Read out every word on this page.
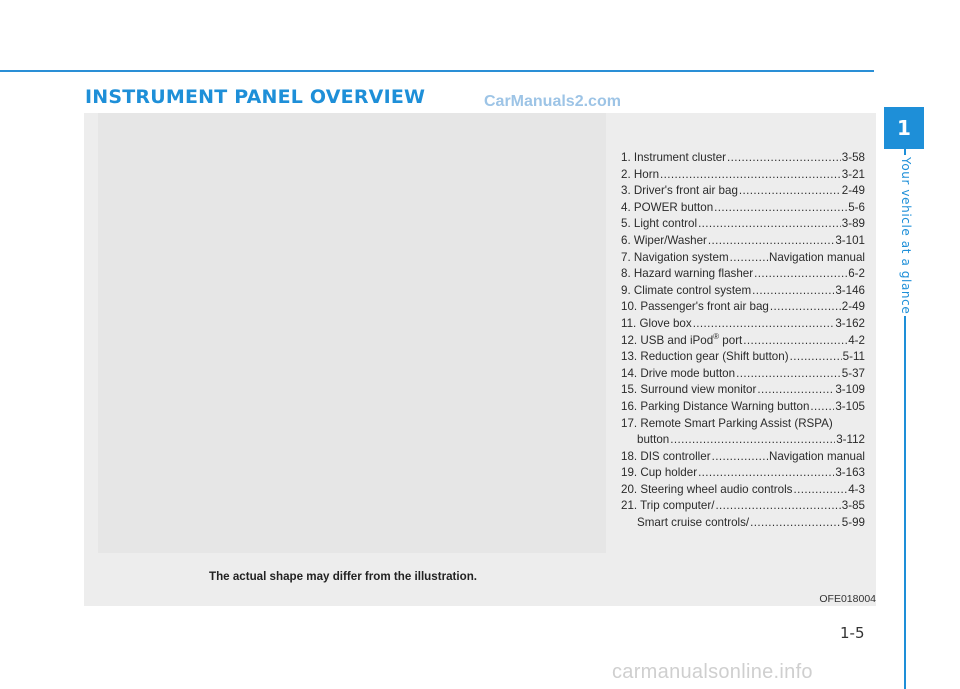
INSTRUMENT PANEL OVERVIEW	CarManuals2.com
1. Instrument cluster .....	3-58
2. Horn .....	3-21
3. Driver's front air bag .....	2-49
4. POWER button .....	5-6
5. Light control .....	3-89
6. Wiper/Washer .....	3-101
7. Navigation system .....	Navigation manual
8. Hazard warning flasher .....	6-2
9. Climate control system .....	3-146
10. Passenger's front air bag .....	2-49
11. Glove box .....	3-162
12. USB and iPod® port .....	4-2
13. Reduction gear (Shift button) .....	5-11
14. Drive mode button .....	5-37
15. Surround view monitor .....	3-109
16. Parking Distance Warning button ..... 3-105
17. Remote Smart Parking Assist (RSPA)
button .....	3-112
18. DIS controller .....	Navigation manual
19. Cup holder .....	3-163
20. Steering wheel audio controls .....	4-3
21. Trip computer/ .....	3-85
Smart cruise controls/ .....	5-99
The actual shape may differ from the illustration.
OFE018004
1
Your vehicle at a glance
1-5
carmanualsonline.info
